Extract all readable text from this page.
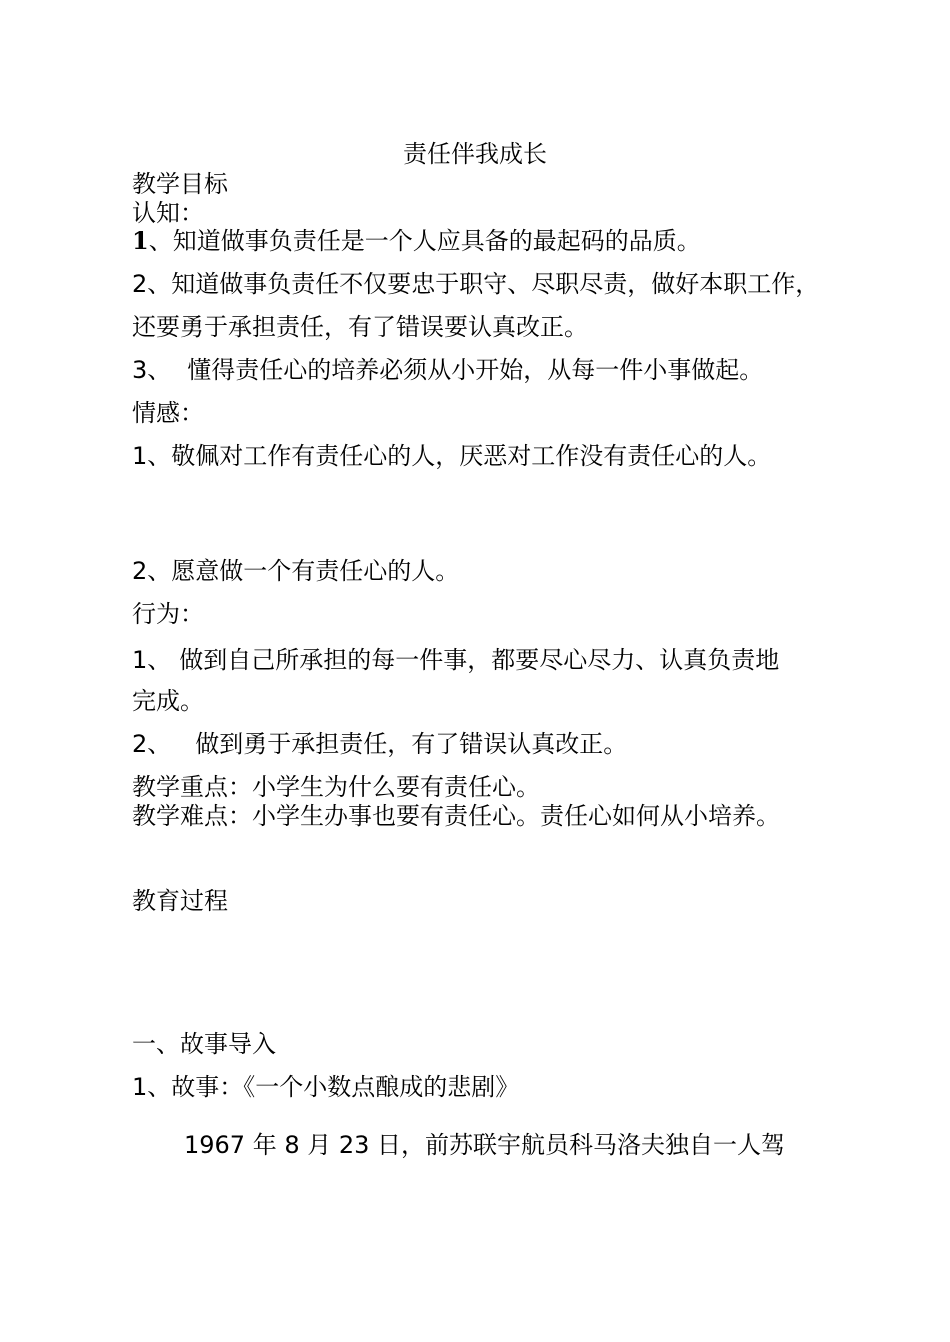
责任伴我成长
教学目标
认知：
1、知道做事负责任是一个人应具备的最起码的品质。
2、知道做事负责任不仅要忠于职守、尽职尽责，做好本职工作，
还要勇于承担责任，有了错误要认真改正。
3、 懂得责任心的培养必须从小开始，从每一件小事做起。
情感：
1、敬佩对工作有责任心的人，厌恶对工作没有责任心的人。
2、愿意做一个有责任心的人。
行为：
1、 做到自己所承担的每一件事，都要尽心尽力、认真负责地
完成。
2、 做到勇于承担责任，有了错误认真改正。
教学重点：小学生为什么要有责任心。
教学难点：小学生办事也要有责任心。责任心如何从小培养。
教育过程
一、故事导入
1、故事：《一个小数点酿成的悲剧》
1967 年 8 月 23 日，前苏联宇航员科马洛夫独自一人驾
